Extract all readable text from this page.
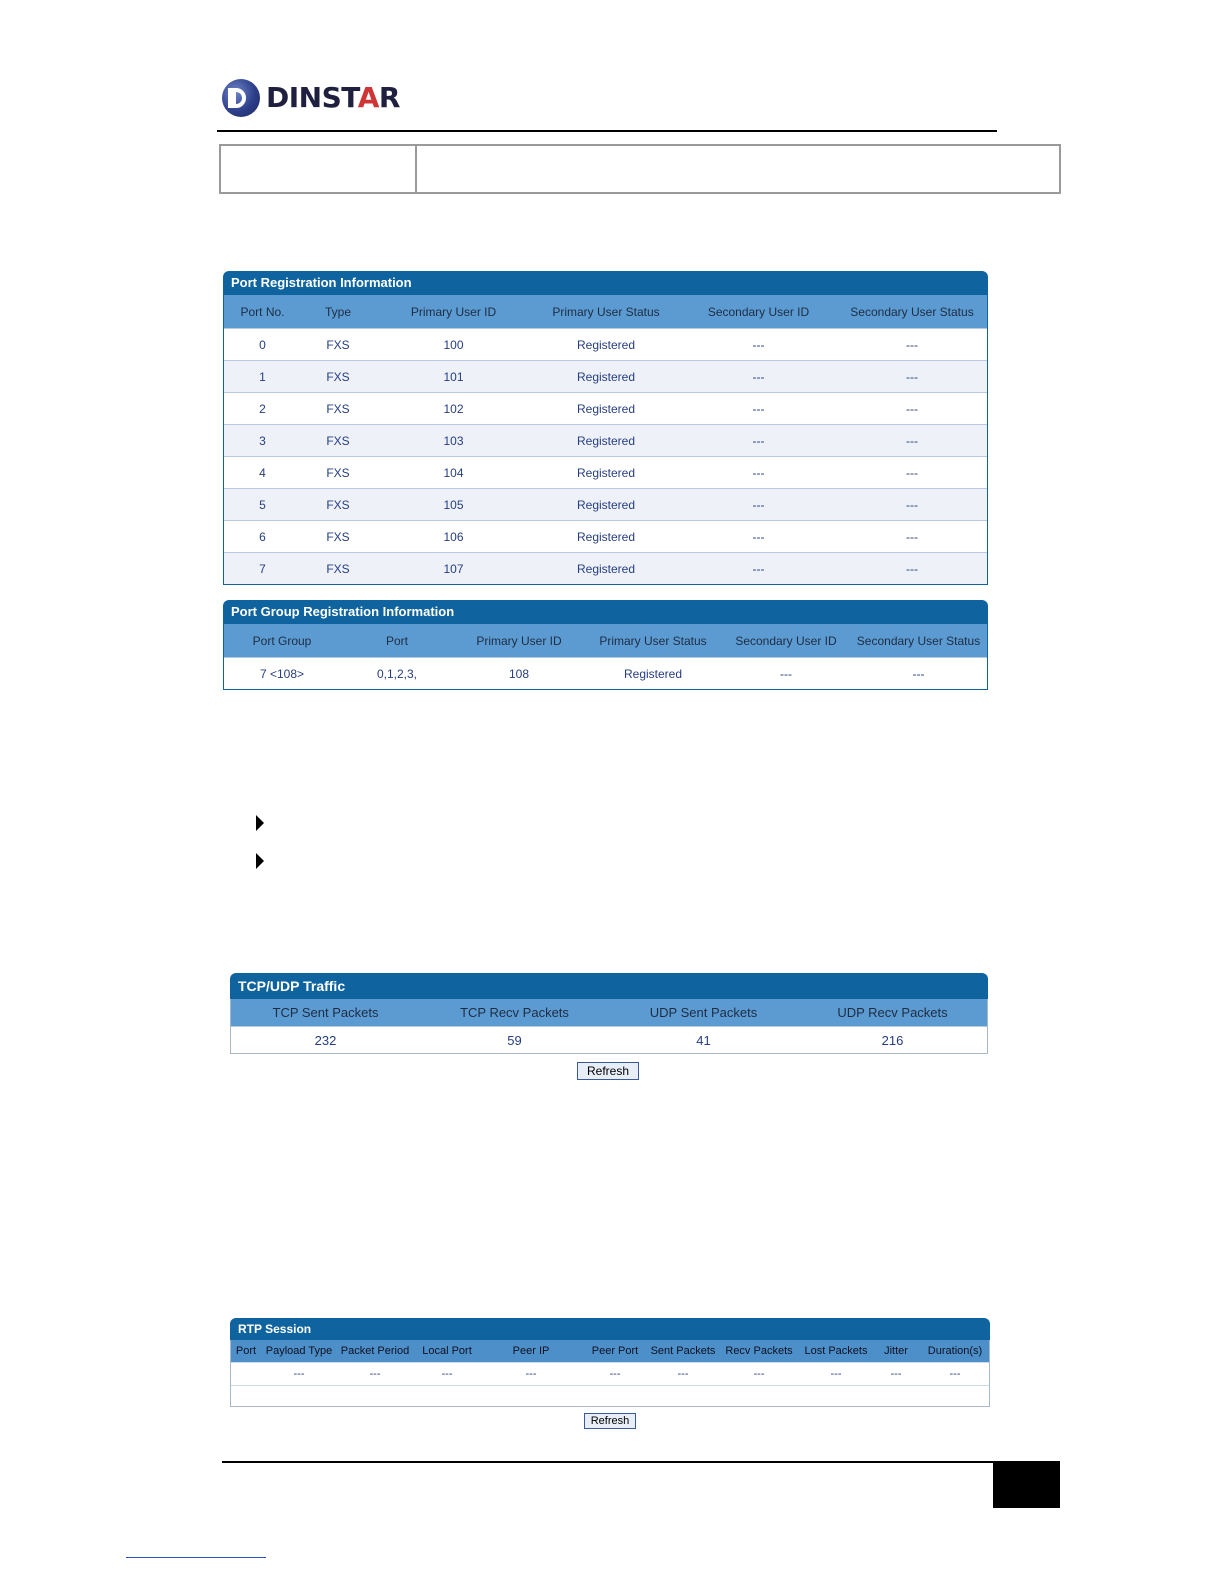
DINSTAR
Port Registration Information
Port No.	Type	Primary User ID	Primary User Status	Secondary User ID	Secondary User Status
0	FXS	100	Registered	---	---
1	FXS	101	Registered	---	---
2	FXS	102	Registered	---	---
3	FXS	103	Registered	---	---
4	FXS	104	Registered	---	---
5	FXS	105	Registered	---	---
6	FXS	106	Registered	---	---
7	FXS	107	Registered	---	---
Port Group Registration Information
Port Group	Port	Primary User ID	Primary User Status	Secondary User ID	Secondary User Status
7 <108>	0,1,2,3,	108	Registered	---	---
TCP/UDP Traffic
TCP Sent Packets	TCP Recv Packets	UDP Sent Packets	UDP Recv Packets
232	59	41	216
Refresh
RTP Session
Port	Payload Type	Packet Period	Local Port	Peer IP	Peer Port	Sent Packets	Recv Packets	Lost Packets	Jitter	Duration(s)
	---	---	---	---	---	---	---	---	---	---

Refresh
